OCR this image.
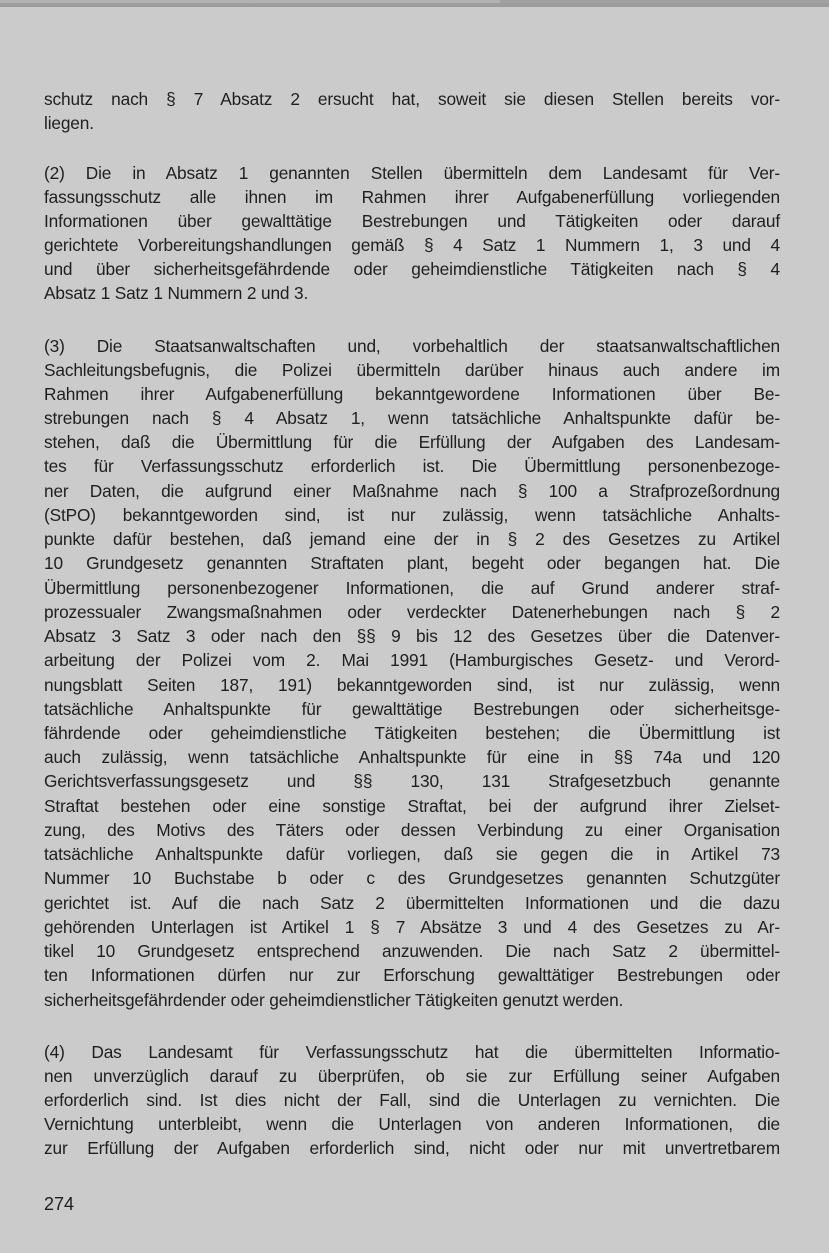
schutz nach § 7 Absatz 2 ersucht hat, soweit sie diesen Stellen bereits vor-
liegen.
(2) Die in Absatz 1 genannten Stellen übermitteln dem Landesamt für Ver-
fassungsschutz alle ihnen im Rahmen ihrer Aufgabenerfüllung vorliegenden
Informationen über gewalttätige Bestrebungen und Tätigkeiten oder darauf
gerichtete Vorbereitungshandlungen gemäß § 4 Satz 1 Nummern 1, 3 und 4
und über sicherheitsgefährdende oder geheimdienstliche Tätigkeiten nach § 4
Absatz 1 Satz 1 Nummern 2 und 3.
(3) Die Staatsanwaltschaften und, vorbehaltlich der staatsanwaltschaftlichen
Sachleitungsbefugnis, die Polizei übermitteln darüber hinaus auch andere im
Rahmen ihrer Aufgabenerfüllung bekanntgewordene Informationen über Be-
strebungen nach § 4 Absatz 1, wenn tatsächliche Anhaltspunkte dafür be-
stehen, daß die Übermittlung für die Erfüllung der Aufgaben des Landesam-
tes für Verfassungsschutz erforderlich ist. Die Übermittlung personenbezoge-
ner Daten, die aufgrund einer Maßnahme nach § 100 a Strafprozeßordnung
(StPO) bekanntgeworden sind, ist nur zulässig, wenn tatsächliche Anhalts-
punkte dafür bestehen, daß jemand eine der in § 2 des Gesetzes zu Artikel
10 Grundgesetz genannten Straftaten plant, begeht oder begangen hat. Die
Übermittlung personenbezogener Informationen, die auf Grund anderer straf-
prozessualer Zwangsmaßnahmen oder verdeckter Datenerhebungen nach § 2
Absatz 3 Satz 3 oder nach den §§ 9 bis 12 des Gesetzes über die Datenver-
arbeitung der Polizei vom 2. Mai 1991 (Hamburgisches Gesetz- und Verord-
nungsblatt Seiten 187, 191) bekanntgeworden sind, ist nur zulässig, wenn
tatsächliche Anhaltspunkte für gewalttätige Bestrebungen oder sicherheitsge-
fährdende oder geheimdienstliche Tätigkeiten bestehen; die Übermittlung ist
auch zulässig, wenn tatsächliche Anhaltspunkte für eine in §§ 74a und 120
Gerichtsverfassungsgesetz und §§ 130, 131 Strafgesetzbuch genannte
Straftat bestehen oder eine sonstige Straftat, bei der aufgrund ihrer Zielset-
zung, des Motivs des Täters oder dessen Verbindung zu einer Organisation
tatsächliche Anhaltspunkte dafür vorliegen, daß sie gegen die in Artikel 73
Nummer 10 Buchstabe b oder c des Grundgesetzes genannten Schutzgüter
gerichtet ist. Auf die nach Satz 2 übermittelten Informationen und die dazu
gehörenden Unterlagen ist Artikel 1 § 7 Absätze 3 und 4 des Gesetzes zu Ar-
tikel 10 Grundgesetz entsprechend anzuwenden. Die nach Satz 2 übermittel-
ten Informationen dürfen nur zur Erforschung gewalttätiger Bestrebungen oder
sicherheitsgefährdender oder geheimdienstlicher Tätigkeiten genutzt werden.
(4) Das Landesamt für Verfassungsschutz hat die übermittelten Informatio-
nen unverzüglich darauf zu überprüfen, ob sie zur Erfüllung seiner Aufgaben
erforderlich sind. Ist dies nicht der Fall, sind die Unterlagen zu vernichten. Die
Vernichtung unterbleibt, wenn die Unterlagen von anderen Informationen, die
zur Erfüllung der Aufgaben erforderlich sind, nicht oder nur mit unvertretbarem
274
